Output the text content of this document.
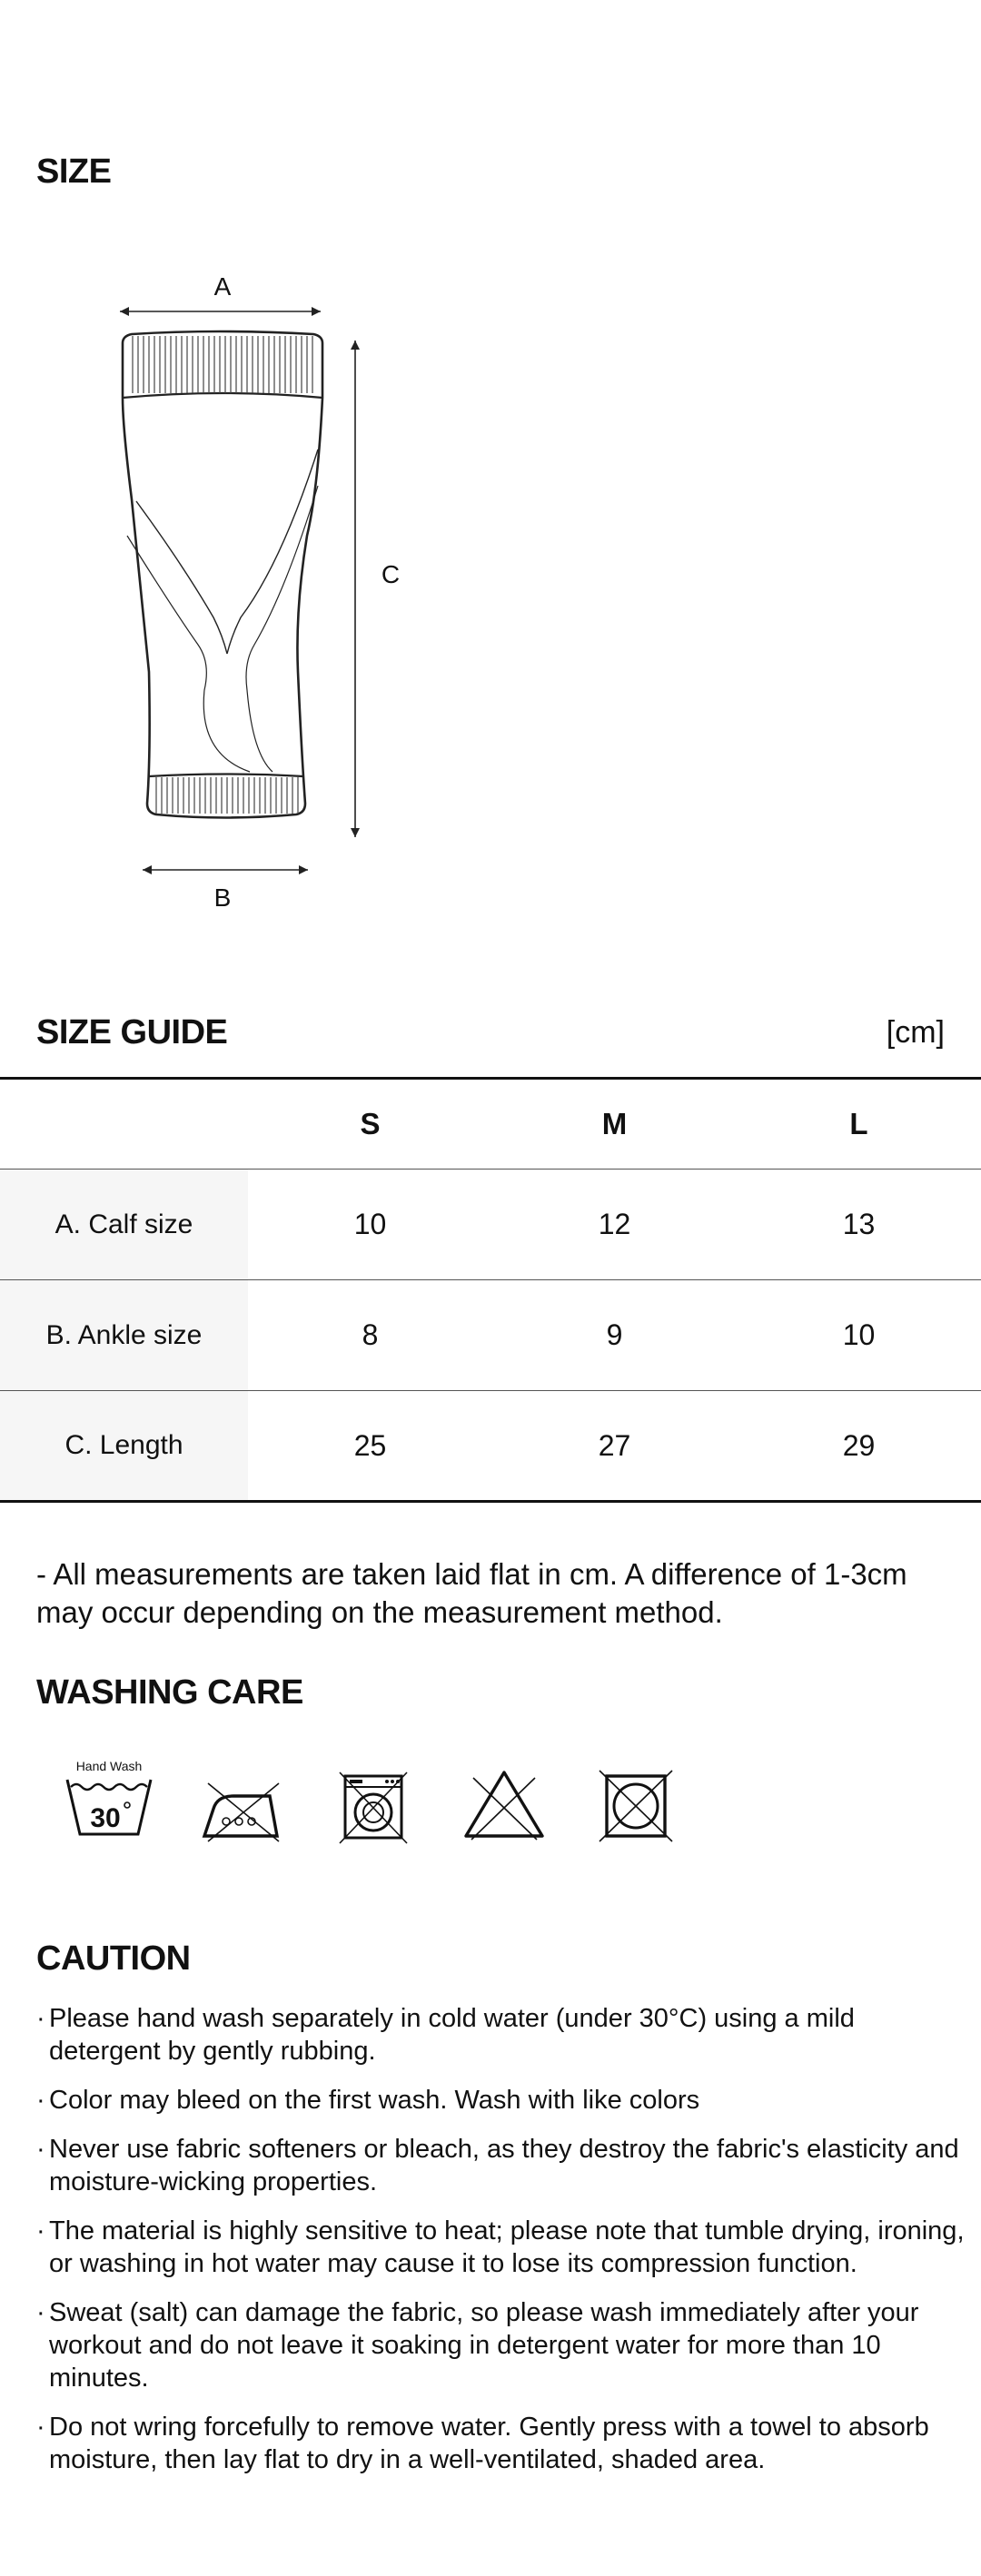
SIZE
A
C
B
SIZE GUIDE	[cm]
	S	M	L
A. Calf size	10	12	13
B. Ankle size	8	9	10
C. Length	25	27	29

- All measurements are taken laid flat in cm. A difference of 1-3cm may occur depending on the measurement method.

WASHING CARE
Hand Wash
30
CAUTION
· Please hand wash separately in cold water (under 30°C) using a mild detergent by gently rubbing.
· Color may bleed on the first wash. Wash with like colors
· Never use fabric softeners or bleach, as they destroy the fabric's elasticity and moisture-wicking properties.
· The material is highly sensitive to heat; please note that tumble drying, ironing, or washing in hot water may cause it to lose its compression function.
· Sweat (salt) can damage the fabric, so please wash immediately after your workout and do not leave it soaking in detergent water for more than 10 minutes.
· Do not wring forcefully to remove water. Gently press with a towel to absorb moisture, then lay flat to dry in a well-ventilated, shaded area.
